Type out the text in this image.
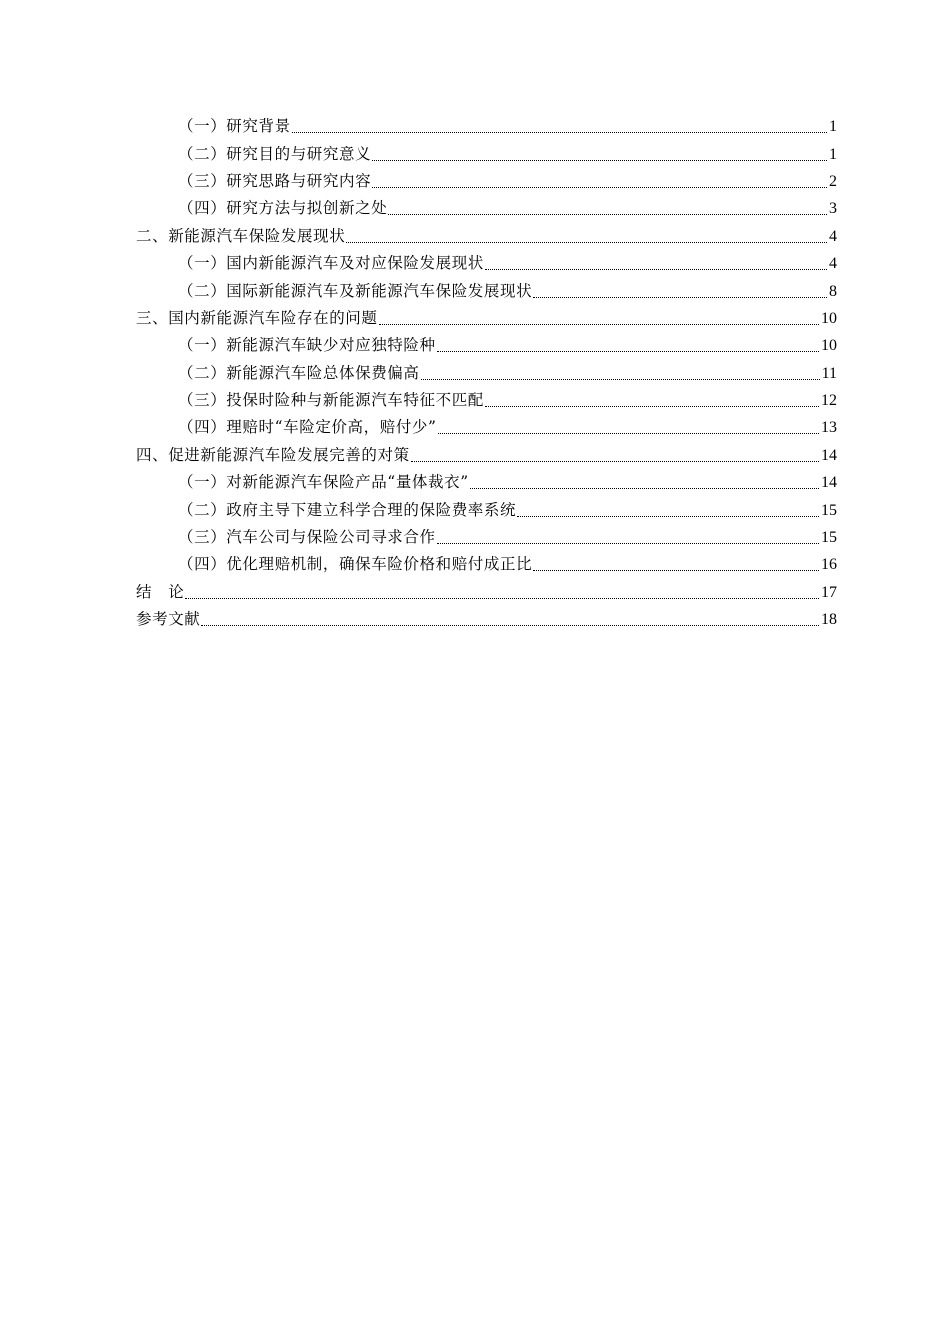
（一）研究背景	1
（二）研究目的与研究意义	1
（三）研究思路与研究内容	2
（四）研究方法与拟创新之处	3
二、新能源汽车保险发展现状	4
（一）国内新能源汽车及对应保险发展现状	4
（二）国际新能源汽车及新能源汽车保险发展现状	8
三、国内新能源汽车险存在的问题	10
（一）新能源汽车缺少对应独特险种	10
（二）新能源汽车险总体保费偏高	11
（三）投保时险种与新能源汽车特征不匹配	12
（四）理赔时“车险定价高，赔付少”	13
四、促进新能源汽车险发展完善的对策	14
（一）对新能源汽车保险产品“量体裁衣”	14
（二）政府主导下建立科学合理的保险费率系统	15
（三）汽车公司与保险公司寻求合作	15
（四）优化理赔机制，确保车险价格和赔付成正比	16
结　论	17
参考文献	18
